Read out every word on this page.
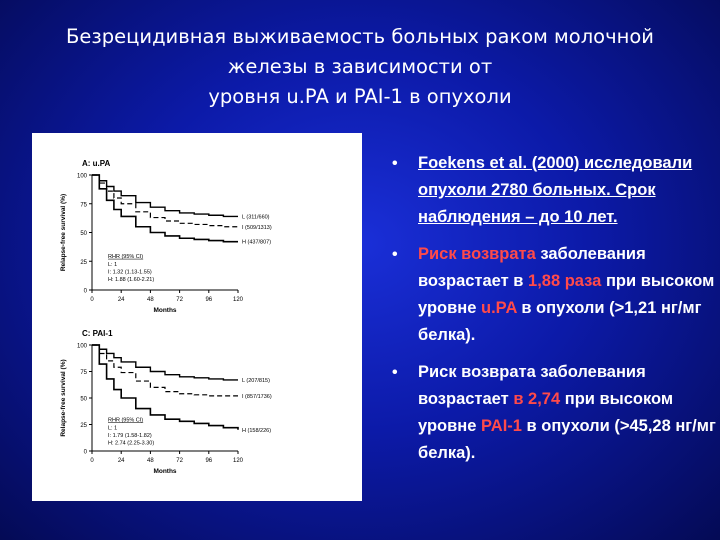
Безрецидивная выживаемость больных раком молочной
железы в зависимости от
уровня u.PA и PAI-1 в опухоли
A: u.PA
0
25
50
75
100
0	24	48	72	96	120
Months
Relapse-free survival (%)	L (311/660)
I (509/1313)
H (437/807)
RHR (95% CI)
L: 1
I: 1.32 (1.13-1.55)
H: 1.88 (1.60-2.21)
C: PAI-1
0
25
50
75
100
0	24	48	72	96	120
Months
Relapse-free survival (%)	L (207/815)
I (857/1736)
H (158/226)
RHR (95% CI)
L: 1
I: 1.79 (1.58-1.82)
H: 2.74 (2.25-3.30)
• Foekens et al. (2000) исследовали опухоли 2780 больных. Срок наблюдения – до 10 лет.
• Риск возврата заболевания возрастает в 1,88 раза при высоком уровне u.PA в опухоли (>1,21 нг/мг белка).
• Риск возврата заболевания возрастает в 2,74 при высоком уровне PAI-1 в опухоли (>45,28 нг/мг белка).
